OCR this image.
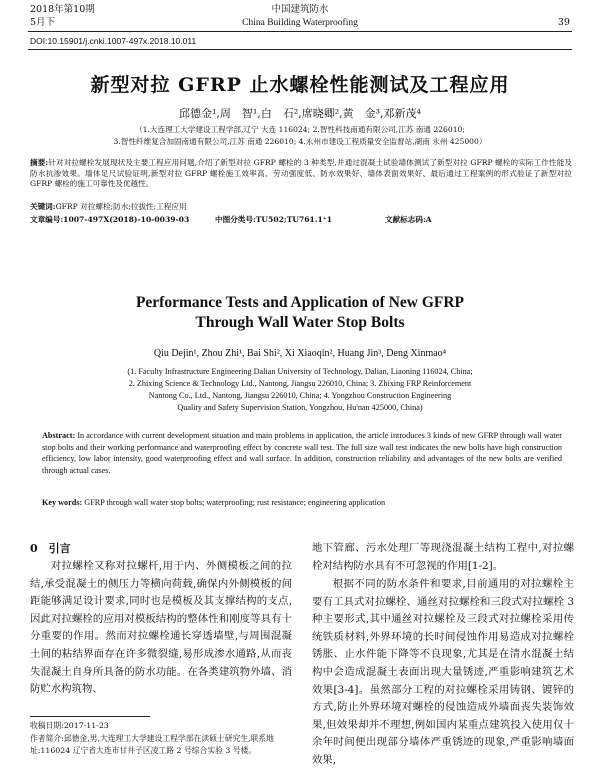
2018年第10期
5月下
中国建筑防水
China Building Waterproofing	39
DOI:10.15901/j.cnki.1007-497x.2018.10.011
新型对拉 GFRP 止水螺栓性能测试及工程应用
邱德金¹,周　智¹,白　石²,席晓卿²,黄　金³,邓新茂⁴
（1.大连理工大学建设工程学部,辽宁 大连 116024; 2.智性科技南通有限公司,江苏 南通 226010;
3.智性纤维复合加固南通有限公司,江苏 南通 226010; 4.永州市建设工程质量安全监督站,湖南 永州 425000）
摘要:针对对拉螺栓发展现状及主要工程应用问题,介绍了新型对拉 GFRP 螺栓的 3 种类型,并通过混凝土试验墙体测试了新型对拉 GFRP 螺栓的实际工作性能及防水抗渗效果。墙体足尺试验证明,新型对拉 GFRP 螺栓施工效率高、劳动强度低、防水效果好、墙体表面效果好、最后通过工程案例的形式验证了新型对拉 GFRP 螺栓的施工可靠性及优越性。
关键词:GFRP 对拉螺栓;防水;拉拔性;工程应用
文章编号:1007-497X(2018)-10-0039-03	中图分类号:TU502;TU761.1⁺1	文献标志码:A
Performance Tests and Application of New GFRP
Through Wall Water Stop Bolts
Qiu Dejin¹, Zhou Zhi¹, Bai Shi², Xi Xiaoqin², Huang Jin³, Deng Xinmao⁴
(1. Faculty Infrastructure Engineering Dalian University of Technology, Dalian, Liaoning 116024, China;
2. Zhixing Science & Technology Ltd., Nantong, Jiangsu 226010, China; 3. Zhixing FRP Reinforcement
Nantong Co., Ltd., Nantong, Jiangsu 226010, China; 4. Yongzhou Construction Engineering
Quality and Safety Supervision Station, Yongzhou, Hu'nan 425000, China)
Abstract: In accordance with current development situation and main problems in application, the article introduces 3 kinds of new GFRP through wall water stop bolts and their working performance and waterproofing effect by concrete wall test. The full size wall test indicates the new bolts have high construction efficiency, low labor intensity, good waterproofing effect and wall surface. In addition, construction reliability and advantages of the new bolts are verified through actual cases.
Key words: GFRP through wall water stop bolts; waterproofing; rust resistance; engineering application
0　引言
对拉螺栓又称对拉螺杆,用于内、外侧模板之间的拉结,承受混凝土的侧压力等横向荷载,确保内外侧模板的间距能够满足设计要求,同时也是模板及其支撑结构的支点,因此对拉螺栓的应用对模板结构的整体性和刚度等具有十分重要的作用。然而对拉螺栓通长穿透墙壁,与周围混凝土间的粘结界面存在许多微裂缝,易形成渗水通路,从而丧失混凝土自身所具备的防水功能。在各类建筑物外墙、消防贮水构筑物、
收稿日期:2017-11-23
作者简介:邱德金,男,大连理工大学建设工程学部在读硕士研究生,联系地址:116024 辽宁省大连市甘井子区凌工路 2 号综合实验 3 号楼。
地下管廊、污水处理厂等现浇混凝土结构工程中,对拉螺栓对结构防水具有不可忽视的作用[1-2]。
根据不同的防水条件和要求,目前通用的对拉螺栓主要有工具式对拉螺栓、通丝对拉螺栓和三段式对拉螺栓 3 种主要形式,其中通丝对拉螺栓及三段式对拉螺栓采用传统铁质材料,外界环境的长时间侵蚀作用易造成对拉螺栓锈胀、止水件能下降等不良现象,尤其是在清水混凝土结构中会造成混凝土表面出现大量锈迹,严重影响建筑艺术效果[3-4]。虽然部分工程的对拉螺栓采用铸钢、镀锌的方式,防止外界环境对螺栓的侵蚀造成外墙面丧失装饰效果,但效果却并不理想,例如国内某重点建筑投入使用仅十余年时间便出现部分墙体严重锈迹的现象,严重影响墙面效果,
